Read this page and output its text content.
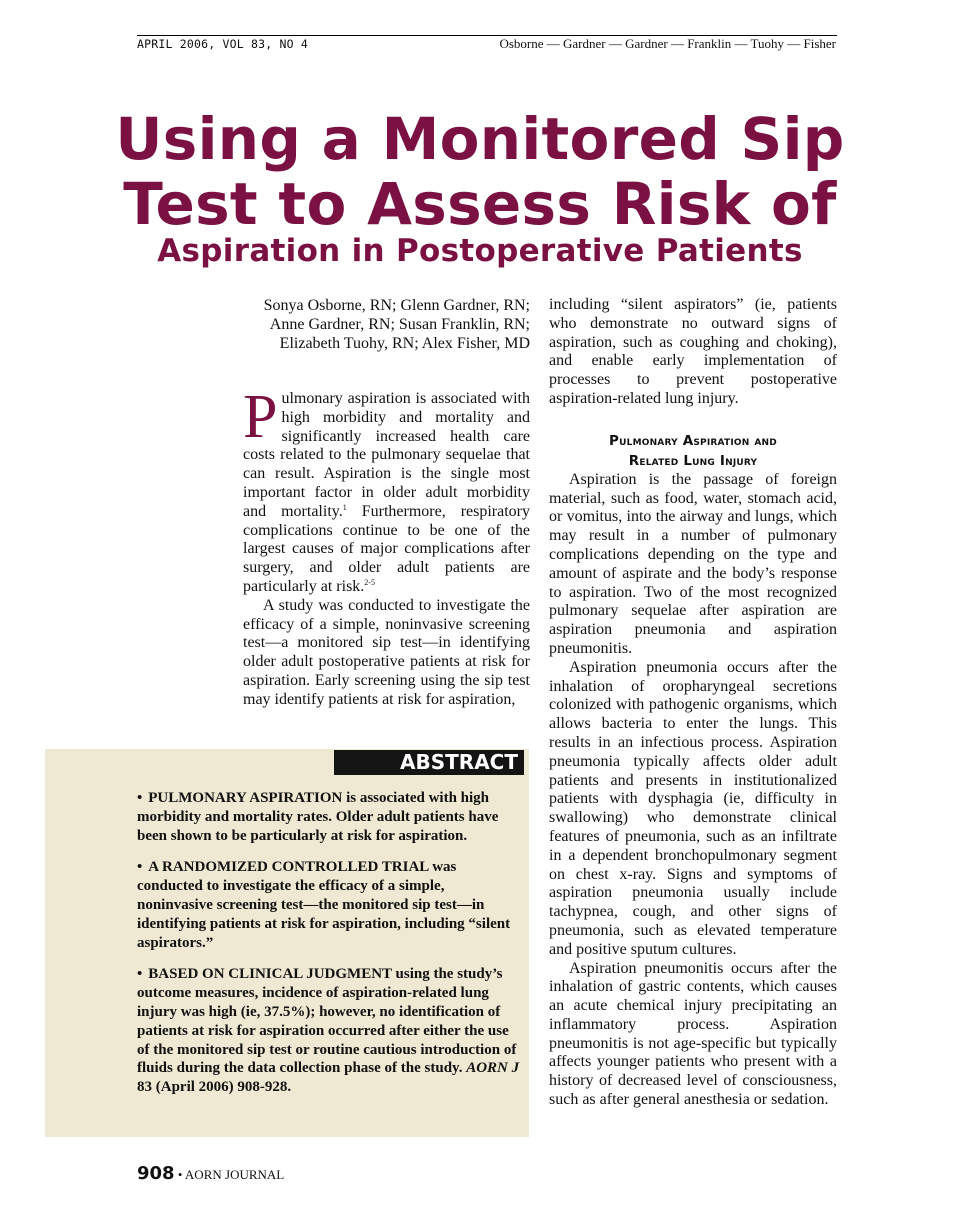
APRIL 2006, VOL 83, NO 4	Osborne — Gardner — Gardner — Franklin — Tuohy — Fisher
Using a Monitored Sip
Test to Assess Risk of
Aspiration in Postoperative Patients
Sonya Osborne, RN; Glenn Gardner, RN; Anne Gardner, RN; Susan Franklin, RN; Elizabeth Tuohy, RN; Alex Fisher, MD

Pulmonary aspiration is associated with high morbidity and mortality and significantly increased health care costs related to the pulmonary sequelae that can result. Aspiration is the single most important factor in older adult morbidity and mortality.$^1$ Furthermore, respiratory complications continue to be one of the largest causes of major complications after surgery, and older adult patients are particularly at risk.$^{2-5}$

A study was conducted to investigate the efficacy of a simple, noninvasive screening test—a monitored sip test—in identifying older adult postoperative patients at risk for aspiration. Early screening using the sip test may identify patients at risk for aspiration,

including “silent aspirators” (ie, patients who demonstrate no outward signs of aspiration, such as coughing and choking), and enable early implementation of processes to prevent postoperative aspiration-related lung injury.

Pulmonary Aspiration and
Related Lung Injury

Aspiration is the passage of foreign material, such as food, water, stomach acid, or vomitus, into the airway and lungs, which may result in a number of pulmonary complications depending on the type and amount of aspirate and the body’s response to aspiration. Two of the most recognized pulmonary sequelae after aspiration are aspiration pneumonia and aspiration pneumonitis.

Aspiration pneumonia occurs after the inhalation of oropharyngeal secretions colonized with pathogenic organisms, which allows bacteria to enter the lungs. This results in an infectious process. Aspiration pneumonia typically affects older adult patients and presents in institutionalized patients with dysphagia (ie, difficulty in swallowing) who demonstrate clinical features of pneumonia, such as an infiltrate in a dependent bronchopulmonary segment on chest x-ray. Signs and symptoms of aspiration pneumonia usually include tachypnea, cough, and other signs of pneumonia, such as elevated temperature and positive sputum cultures.

Aspiration pneumonitis occurs after the inhalation of gastric contents, which causes an acute chemical injury precipitating an inflammatory process. Aspiration pneumonitis is not age-specific but typically affects younger patients who present with a history of decreased level of consciousness, such as after general anesthesia or sedation.

ABSTRACT
• PULMONARY ASPIRATION is associated with high morbidity and mortality rates. Older adult patients have been shown to be particularly at risk for aspiration.
• A RANDOMIZED CONTROLLED TRIAL was conducted to investigate the efficacy of a simple, noninvasive screening test—the monitored sip test—in identifying patients at risk for aspiration, including “silent aspirators.”
• BASED ON CLINICAL JUDGMENT using the study’s outcome measures, incidence of aspiration-related lung injury was high (ie, 37.5%); however, no identification of patients at risk for aspiration occurred after either the use of the monitored sip test or routine cautious introduction of fluids during the data collection phase of the study. AORN J 83 (April 2006) 908-928.
908 • AORN JOURNAL
